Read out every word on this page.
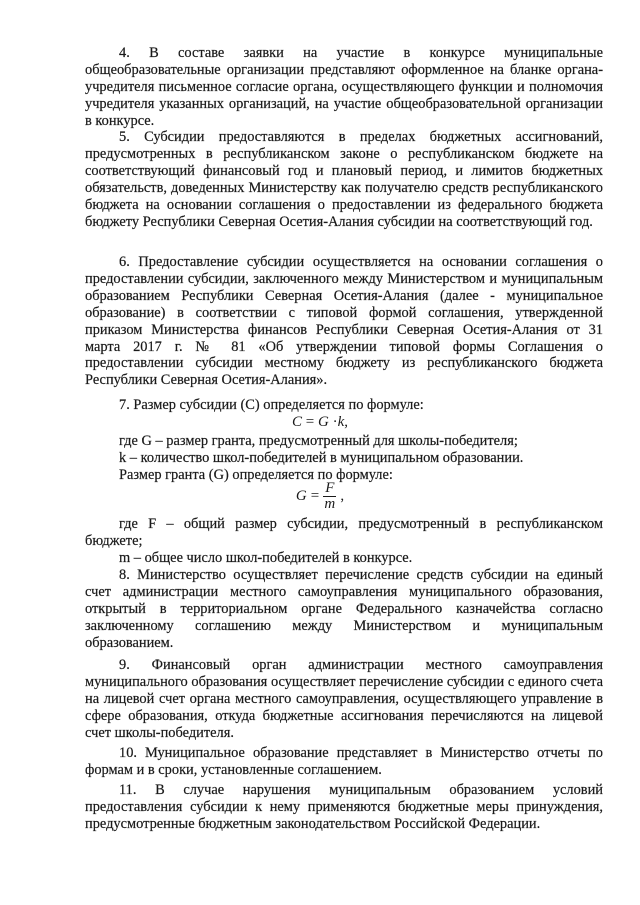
4. В составе заявки на участие в конкурсе муниципальные общеобразовательные организации представляют оформленное на бланке органа-учредителя письменное согласие органа, осуществляющего функции и полномочия учредителя указанных организаций, на участие общеобразовательной организации в конкурсе.

5. Субсидии предоставляются в пределах бюджетных ассигнований, предусмотренных в республиканском законе о республиканском бюджете на соответствующий финансовый год и плановый период, и лимитов бюджетных обязательств, доведенных Министерству как получателю средств республиканского бюджета на основании соглашения о предоставлении из федерального бюджета бюджету Республики Северная Осетия-Алания субсидии на соответствующий год.

6. Предоставление субсидии осуществляется на основании соглашения о предоставлении субсидии, заключенного между Министерством и муниципальным образованием Республики Северная Осетия-Алания (далее - муниципальное образование) в соответствии с типовой формой соглашения, утвержденной приказом Министерства финансов Республики Северная Осетия-Алания от 31 марта 2017 г. № 81 «Об утверждении типовой формы Соглашения о предоставлении субсидии местному бюджету из республиканского бюджета Республики Северная Осетия-Алания».

7. Размер субсидии (С) определяется по формуле:

C = G ·k,

где G – размер гранта, предусмотренный для школы-победителя;

k – количество школ-победителей в муниципальном образовании.

Размер гранта (G) определяется по формуле:

$G = \frac{F}{m}$ ,

где F – общий размер субсидии, предусмотренный в республиканском бюджете;

m – общее число школ-победителей в конкурсе.

8. Министерство осуществляет перечисление средств субсидии на единый счет администрации местного самоуправления муниципального образования, открытый в территориальном органе Федерального казначейства согласно заключенному соглашению между Министерством и муниципальным образованием.

9. Финансовый орган администрации местного самоуправления муниципального образования осуществляет перечисление субсидии с единого счета на лицевой счет органа местного самоуправления, осуществляющего управление в сфере образования, откуда бюджетные ассигнования перечисляются на лицевой счет школы-победителя.

10. Муниципальное образование представляет в Министерство отчеты по формам и в сроки, установленные соглашением.

11. В случае нарушения муниципальным образованием условий предоставления субсидии к нему применяются бюджетные меры принуждения, предусмотренные бюджетным законодательством Российской Федерации.
